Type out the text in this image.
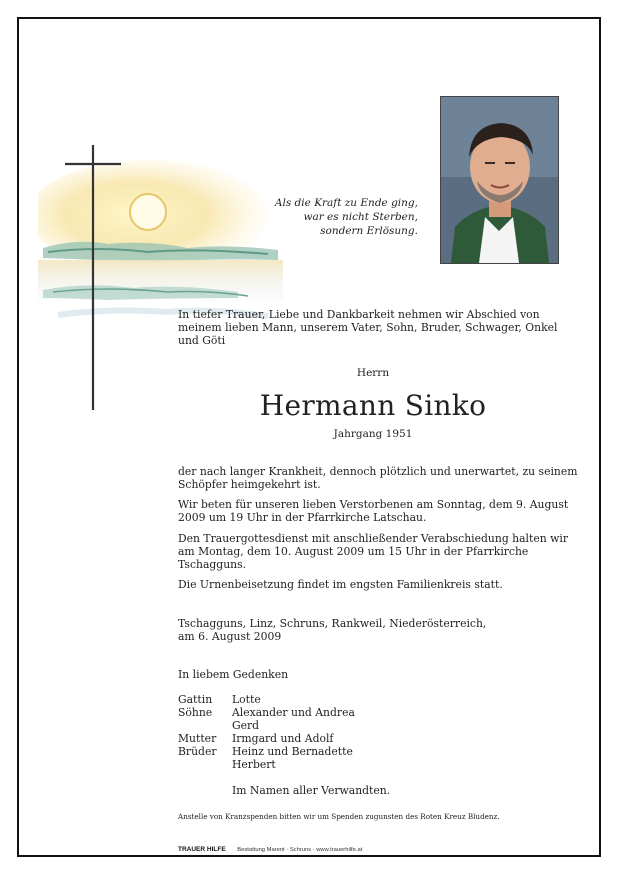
Als die Kraft zu Ende ging,
war es nicht Sterben,
sondern Erlösung.
In tiefer Trauer, Liebe und Dankbarkeit nehmen wir Abschied von meinem lieben Mann, unserem Vater, Sohn, Bruder, Schwager, Onkel und Göti
Herrn
Hermann Sinko
Jahrgang 1951
der nach langer Krankheit, dennoch plötzlich und unerwartet, zu seinem Schöpfer heimgekehrt ist.
Wir beten für unseren lieben Verstorbenen am Sonntag, dem 9. August 2009 um 19 Uhr in der Pfarrkirche Latschau.
Den Trauergottesdienst mit anschließender Verabschiedung halten wir am Montag, dem 10. August 2009 um 15 Uhr in der Pfarrkirche Tschagguns.
Die Urnenbeisetzung findet im engsten Familienkreis statt.
Tschagguns, Linz, Schruns, Rankweil, Niederösterreich,
am 6. August 2009
In liebem Gedenken
Gattin	Lotte
Söhne	Alexander und Andrea
Gerd
Mutter	Irmgard und Adolf
Brüder	Heinz und Bernadette
Herbert
Im Namen aller Verwandten.
Anstelle von Kranzspenden bitten wir um Spenden zugunsten des Roten Kreuz Bludenz.
TRAUER HILFE Bestattung Marent · Schruns · www.trauerhilfe.at
